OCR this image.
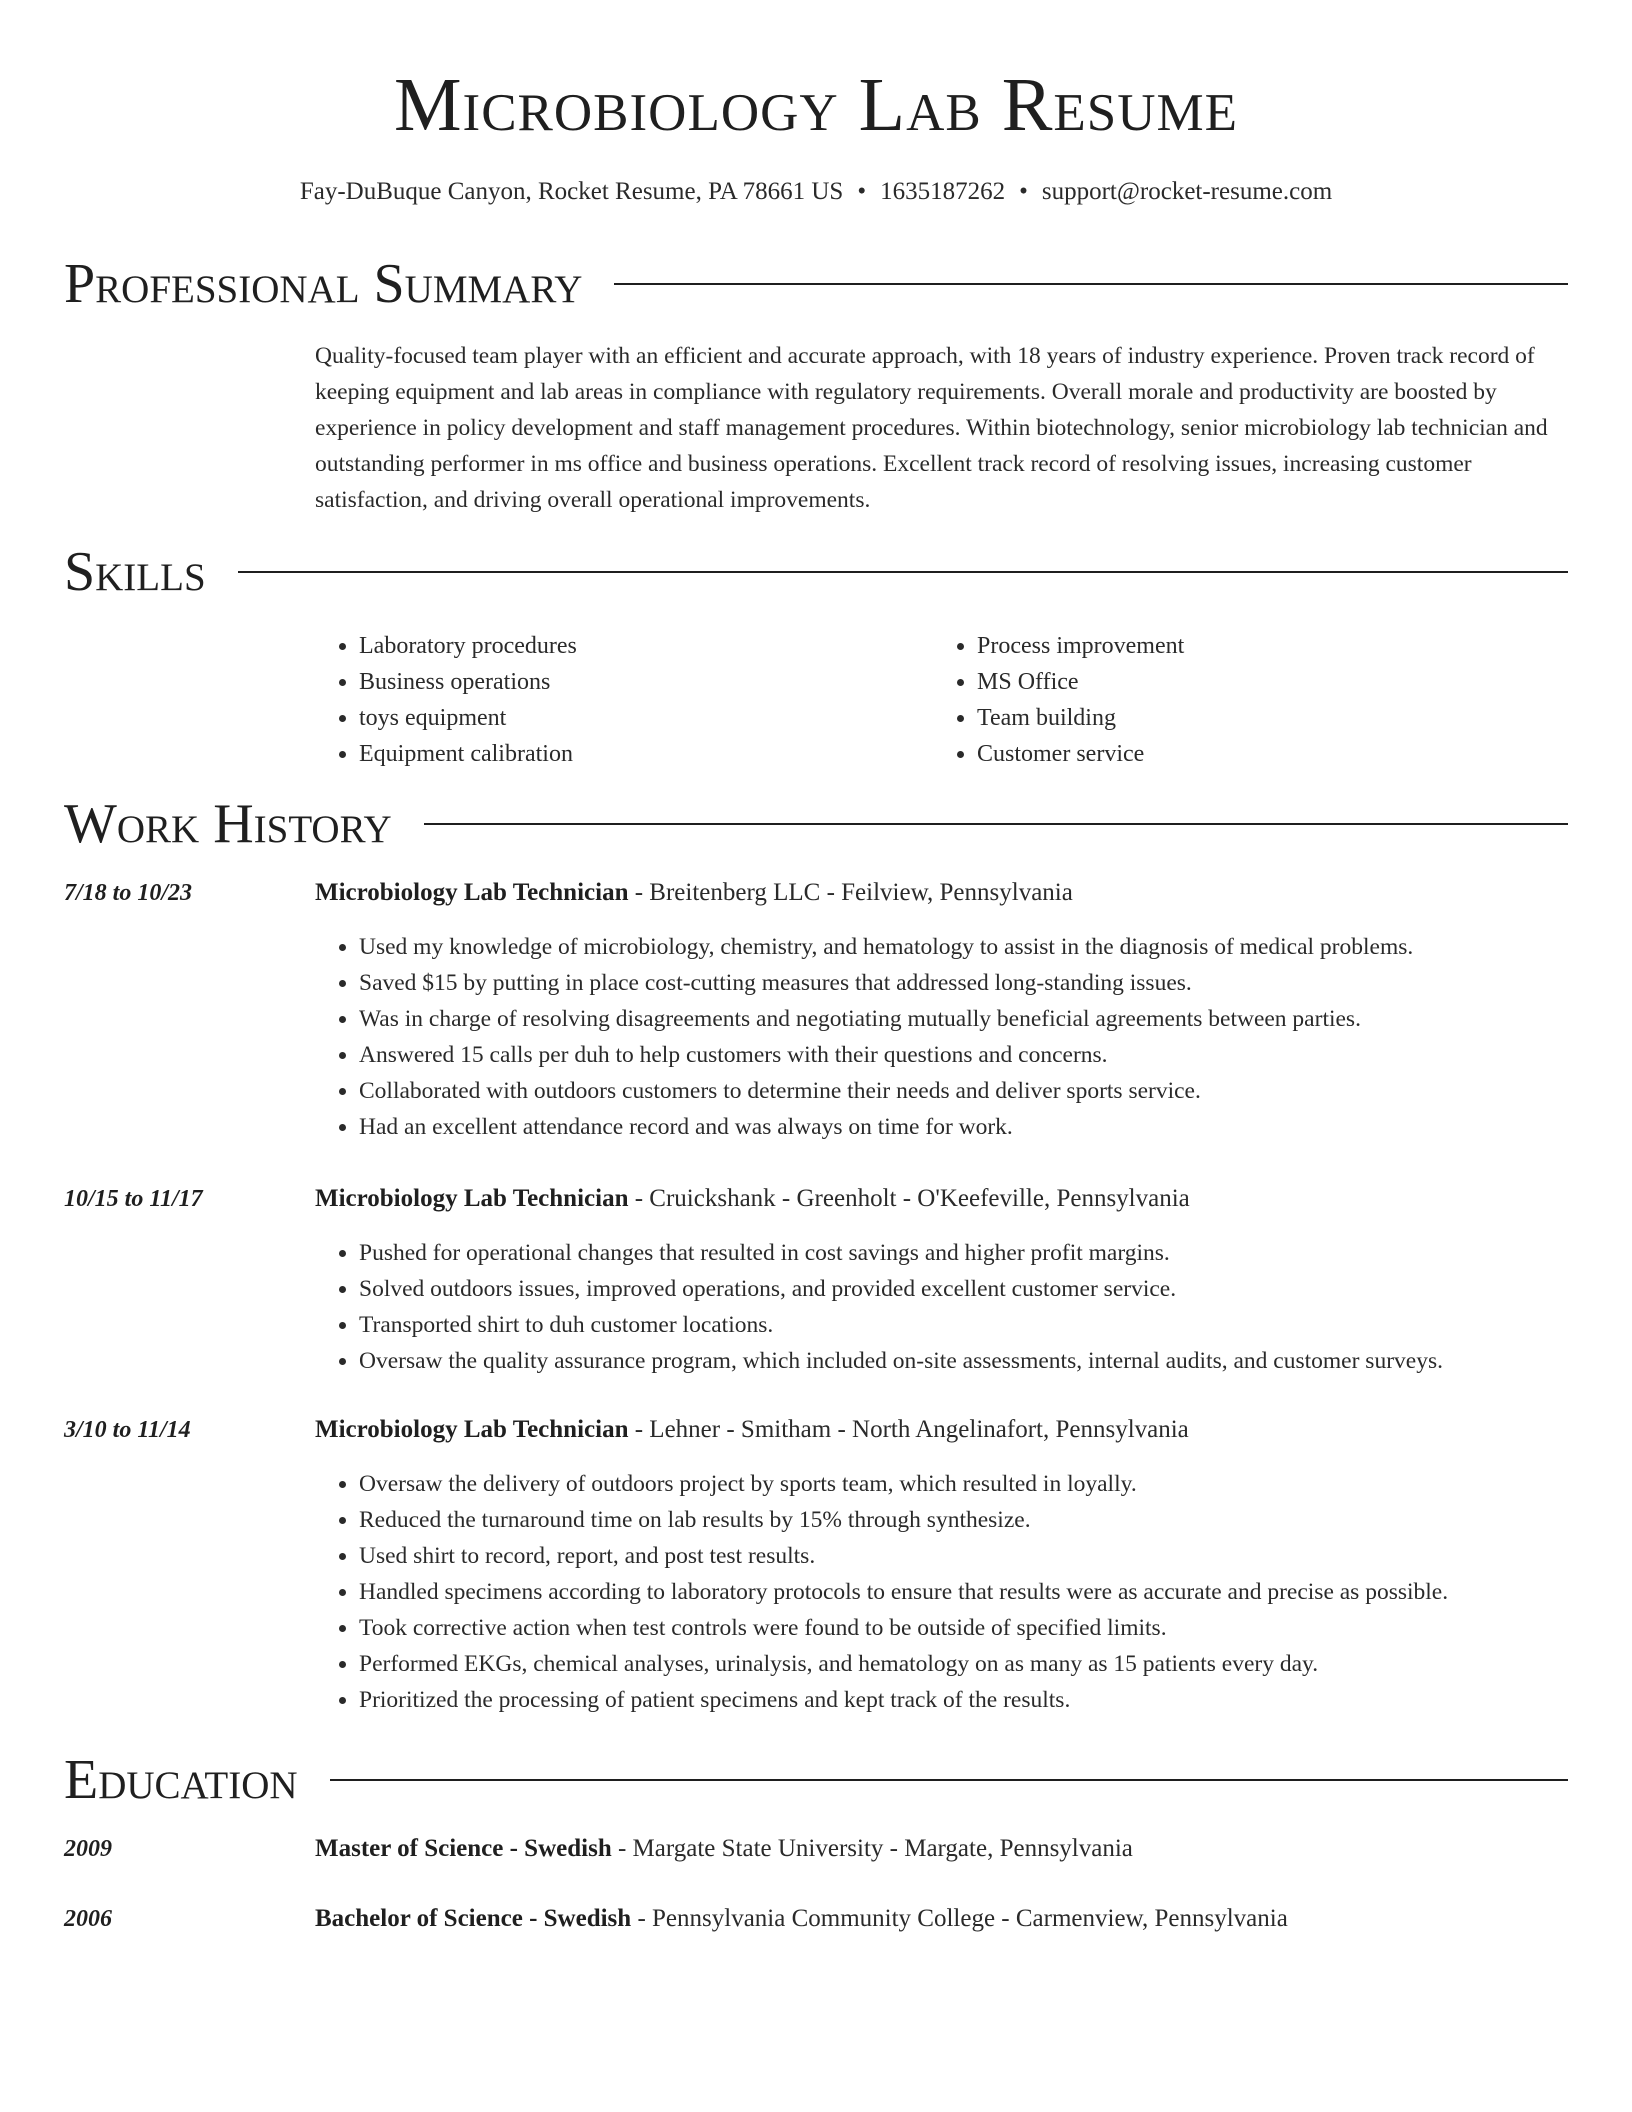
Microbiology Lab Resume
Fay-DuBuque Canyon, Rocket Resume, PA 78661 US • 1635187262 • support@rocket-resume.com
Professional Summary

Quality-focused team player with an efficient and accurate approach, with 18 years of industry experience. Proven track record of keeping equipment and lab areas in compliance with regulatory requirements. Overall morale and productivity are boosted by experience in policy development and staff management procedures. Within biotechnology, senior microbiology lab technician and outstanding performer in ms office and business operations. Excellent track record of resolving issues, increasing customer satisfaction, and driving overall operational improvements.

Skills
• Laboratory procedures
• Business operations
• toys equipment
• Equipment calibration
• Process improvement
• MS Office
• Team building
• Customer service
Work History
7/18 to 10/23	Microbiology Lab Technician - Breitenberg LLC - Feilview, Pennsylvania
• Used my knowledge of microbiology, chemistry, and hematology to assist in the diagnosis of medical problems.
• Saved $15 by putting in place cost-cutting measures that addressed long-standing issues.
• Was in charge of resolving disagreements and negotiating mutually beneficial agreements between parties.
• Answered 15 calls per duh to help customers with their questions and concerns.
• Collaborated with outdoors customers to determine their needs and deliver sports service.
• Had an excellent attendance record and was always on time for work.
10/15 to 11/17	Microbiology Lab Technician - Cruickshank - Greenholt - O'Keefeville, Pennsylvania
• Pushed for operational changes that resulted in cost savings and higher profit margins.
• Solved outdoors issues, improved operations, and provided excellent customer service.
• Transported shirt to duh customer locations.
• Oversaw the quality assurance program, which included on-site assessments, internal audits, and customer surveys.
3/10 to 11/14	Microbiology Lab Technician - Lehner - Smitham - North Angelinafort, Pennsylvania
• Oversaw the delivery of outdoors project by sports team, which resulted in loyally.
• Reduced the turnaround time on lab results by 15% through synthesize.
• Used shirt to record, report, and post test results.
• Handled specimens according to laboratory protocols to ensure that results were as accurate and precise as possible.
• Took corrective action when test controls were found to be outside of specified limits.
• Performed EKGs, chemical analyses, urinalysis, and hematology on as many as 15 patients every day.
• Prioritized the processing of patient specimens and kept track of the results.
Education
2009	Master of Science - Swedish - Margate State University - Margate, Pennsylvania
2006	Bachelor of Science - Swedish - Pennsylvania Community College - Carmenview, Pennsylvania
